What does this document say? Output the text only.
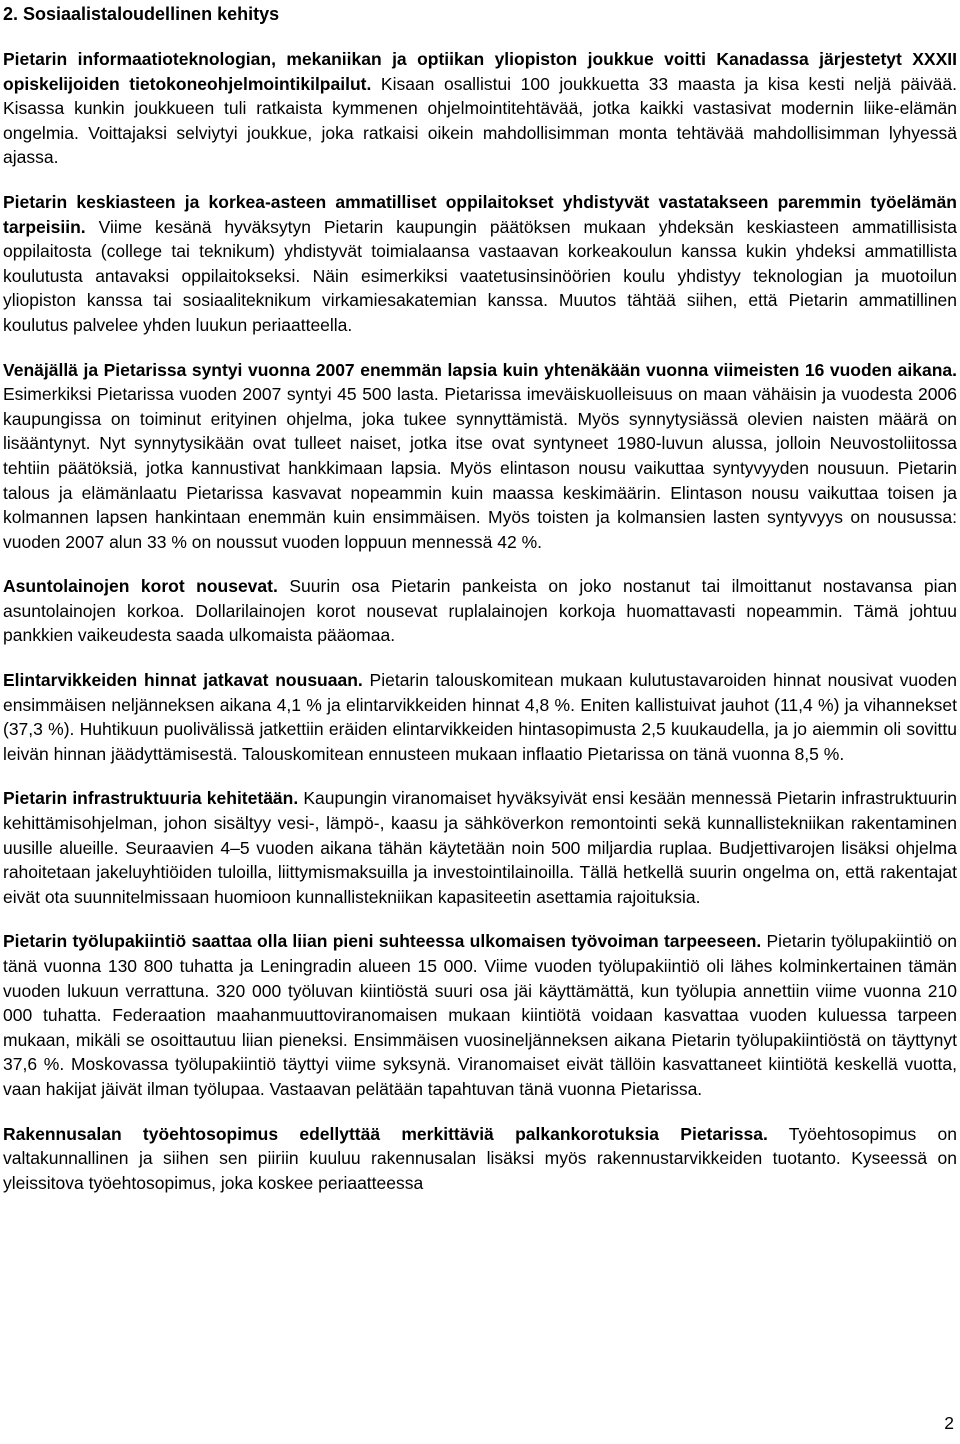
2. Sosiaalistaloudellinen kehitys

Pietarin informaatioteknologian, mekaniikan ja optiikan yliopiston joukkue voitti Kanadassa järjestetyt XXXII opiskelijoiden tietokoneohjelmointikilpailut. Kisaan osallistui 100 joukkuetta 33 maasta ja kisa kesti neljä päivää. Kisassa kunkin joukkueen tuli ratkaista kymmenen ohjelmointitehtävää, jotka kaikki vastasivat modernin liike-elämän ongelmia. Voittajaksi selviytyi joukkue, joka ratkaisi oikein mahdollisimman monta tehtävää mahdollisimman lyhyessä ajassa.

Pietarin keskiasteen ja korkea-asteen ammatilliset oppilaitokset yhdistyvät vastatakseen paremmin työelämän tarpeisiin. Viime kesänä hyväksytyn Pietarin kaupungin päätöksen mukaan yhdeksän keskiasteen ammatillisista oppilaitosta (college tai teknikum) yhdistyvät toimialaansa vastaavan korkeakoulun kanssa kukin yhdeksi ammatillista koulutusta antavaksi oppilaitokseksi. Näin esimerkiksi vaatetusinsinöörien koulu yhdistyy teknologian ja muotoilun yliopiston kanssa tai sosiaaliteknikum virkamiesakatemian kanssa. Muutos tähtää siihen, että Pietarin ammatillinen koulutus palvelee yhden luukun periaatteella.

Venäjällä ja Pietarissa syntyi vuonna 2007 enemmän lapsia kuin yhtenäkään vuonna viimeisten 16 vuoden aikana. Esimerkiksi Pietarissa vuoden 2007 syntyi 45 500 lasta. Pietarissa imeväiskuolleisuus on maan vähäisin ja vuodesta 2006 kaupungissa on toiminut erityinen ohjelma, joka tukee synnyttämistä. Myös synnytysiässä olevien naisten määrä on lisääntynyt. Nyt synnytysikään ovat tulleet naiset, jotka itse ovat syntyneet 1980-luvun alussa, jolloin Neuvostoliitossa tehtiin päätöksiä, jotka kannustivat hankkimaan lapsia. Myös elintason nousu vaikuttaa syntyvyyden nousuun. Pietarin talous ja elämänlaatu Pietarissa kasvavat nopeammin kuin maassa keskimäärin. Elintason nousu vaikuttaa toisen ja kolmannen lapsen hankintaan enemmän kuin ensimmäisen. Myös toisten ja kolmansien lasten syntyvyys on nousussa: vuoden 2007 alun 33 % on noussut vuoden loppuun mennessä 42 %.

Asuntolainojen korot nousevat. Suurin osa Pietarin pankeista on joko nostanut tai ilmoittanut nostavansa pian asuntolainojen korkoa. Dollarilainojen korot nousevat ruplalainojen korkoja huomattavasti nopeammin. Tämä johtuu pankkien vaikeudesta saada ulkomaista pääomaa.

Elintarvikkeiden hinnat jatkavat nousuaan. Pietarin talouskomitean mukaan kulutustavaroiden hinnat nousivat vuoden ensimmäisen neljänneksen aikana 4,1 % ja elintarvikkeiden hinnat 4,8 %. Eniten kallistuivat jauhot (11,4 %) ja vihannekset (37,3 %). Huhtikuun puolivälissä jatkettiin eräiden elintarvikkeiden hintasopimusta 2,5 kuukaudella, ja jo aiemmin oli sovittu leivän hinnan jäädyttämisestä. Talouskomitean ennusteen mukaan inflaatio Pietarissa on tänä vuonna 8,5 %.

Pietarin infrastruktuuria kehitetään. Kaupungin viranomaiset hyväksyivät ensi kesään mennessä Pietarin infrastruktuurin kehittämisohjelman, johon sisältyy vesi-, lämpö-, kaasu ja sähköverkon remontointi sekä kunnallistekniikan rakentaminen uusille alueille. Seuraavien 4–5 vuoden aikana tähän käytetään noin 500 miljardia ruplaa. Budjettivarojen lisäksi ohjelma rahoitetaan jakeluyhtiöiden tuloilla, liittymismaksuilla ja investointilainoilla. Tällä hetkellä suurin ongelma on, että rakentajat eivät ota suunnitelmissaan huomioon kunnallistekniikan kapasiteetin asettamia rajoituksia.

Pietarin työlupakiintiö saattaa olla liian pieni suhteessa ulkomaisen työvoiman tarpeeseen. Pietarin työlupakiintiö on tänä vuonna 130 800 tuhatta ja Leningradin alueen 15 000. Viime vuoden työlupakiintiö oli lähes kolminkertainen tämän vuoden lukuun verrattuna. 320 000 työluvan kiintiöstä suuri osa jäi käyttämättä, kun työlupia annettiin viime vuonna 210 000 tuhatta. Federaation maahanmuuttoviranomaisen mukaan kiintiötä voidaan kasvattaa vuoden kuluessa tarpeen mukaan, mikäli se osoittautuu liian pieneksi. Ensimmäisen vuosineljänneksen aikana Pietarin työlupakiintiöstä on täyttynyt 37,6 %. Moskovassa työlupakiintiö täyttyi viime syksynä. Viranomaiset eivät tällöin kasvattaneet kiintiötä keskellä vuotta, vaan hakijat jäivät ilman työlupaa. Vastaavan pelätään tapahtuvan tänä vuonna Pietarissa.

Rakennusalan työehtosopimus edellyttää merkittäviä palkankorotuksia Pietarissa. Työehtosopimus on valtakunnallinen ja siihen sen piiriin kuuluu rakennusalan lisäksi myös rakennustarvikkeiden tuotanto. Kyseessä on yleissitova työehtosopimus, joka koskee periaatteessa

2
